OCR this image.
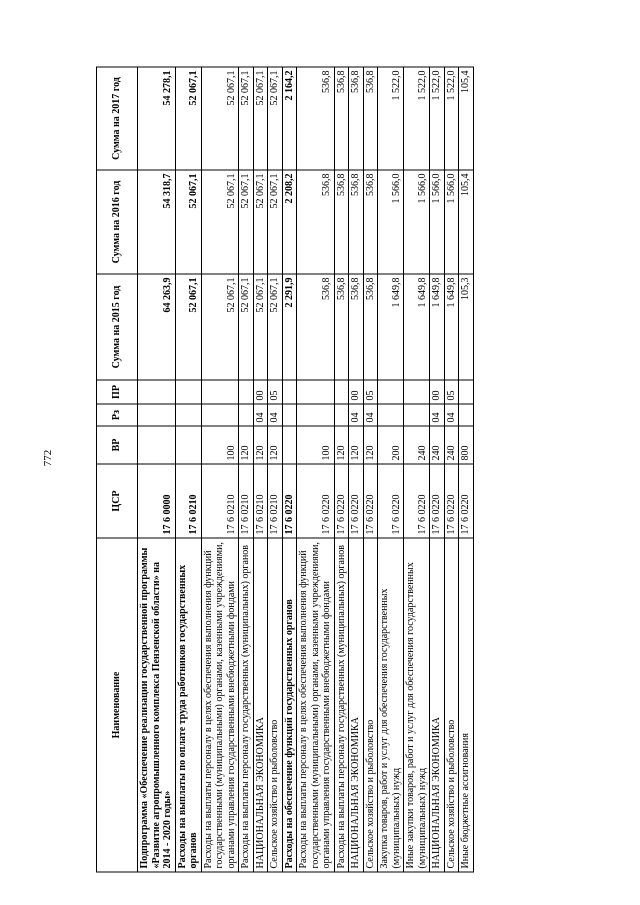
772
Наименование	ЦСР	ВР	Рз	ПР	Сумма на 2015 год	Сумма на 2016 год	Сумма на 2017 год
Подпрограмма «Обеспечение реализации государственной программы «Развитие агропромышленного комплекса Пензенской области» на 2014 - 2020 годы»	17 6 0000				64 263,9	54 318,7	54 278,1
Расходы на выплаты по оплате труда работников государственных органов	17 6 0210				52 067,1	52 067,1	52 067,1
Расходы на выплаты персоналу в целях обеспечения выполнения функций государственными (муниципальными) органами, казенными учреждениями, органами управления государственными внебюджетными фондами	17 6 0210	100			52 067,1	52 067,1	52 067,1
Расходы на выплаты персоналу государственных (муниципальных) органов	17 6 0210	120			52 067,1	52 067,1	52 067,1
НАЦИОНАЛЬНАЯ ЭКОНОМИКА	17 6 0210	120	04	00	52 067,1	52 067,1	52 067,1
Сельское хозяйство и рыболовство	17 6 0210	120	04	05	52 067,1	52 067,1	52 067,1
Расходы на обеспечение функций государственных органов	17 6 0220				2 291,9	2 208,2	2 164,2
Расходы на выплаты персоналу в целях обеспечения выполнения функций государственными (муниципальными) органами, казенными учреждениями, органами управления государственными внебюджетными фондами	17 6 0220	100			536,8	536,8	536,8
Расходы на выплаты персоналу государственных (муниципальных) органов	17 6 0220	120			536,8	536,8	536,8
НАЦИОНАЛЬНАЯ ЭКОНОМИКА	17 6 0220	120	04	00	536,8	536,8	536,8
Сельское хозяйство и рыболовство	17 6 0220	120	04	05	536,8	536,8	536,8
Закупка товаров, работ и услуг для обеспечения государственных (муниципальных) нужд	17 6 0220	200			1 649,8	1 566,0	1 522,0
Иные закупки товаров, работ и услуг для обеспечения государственных (муниципальных) нужд	17 6 0220	240			1 649,8	1 566,0	1 522,0
НАЦИОНАЛЬНАЯ ЭКОНОМИКА	17 6 0220	240	04	00	1 649,8	1 566,0	1 522,0
Сельское хозяйство и рыболовство	17 6 0220	240	04	05	1 649,8	1 566,0	1 522,0
Иные бюджетные ассигнования	17 6 0220	800			105,3	105,4	105,4
